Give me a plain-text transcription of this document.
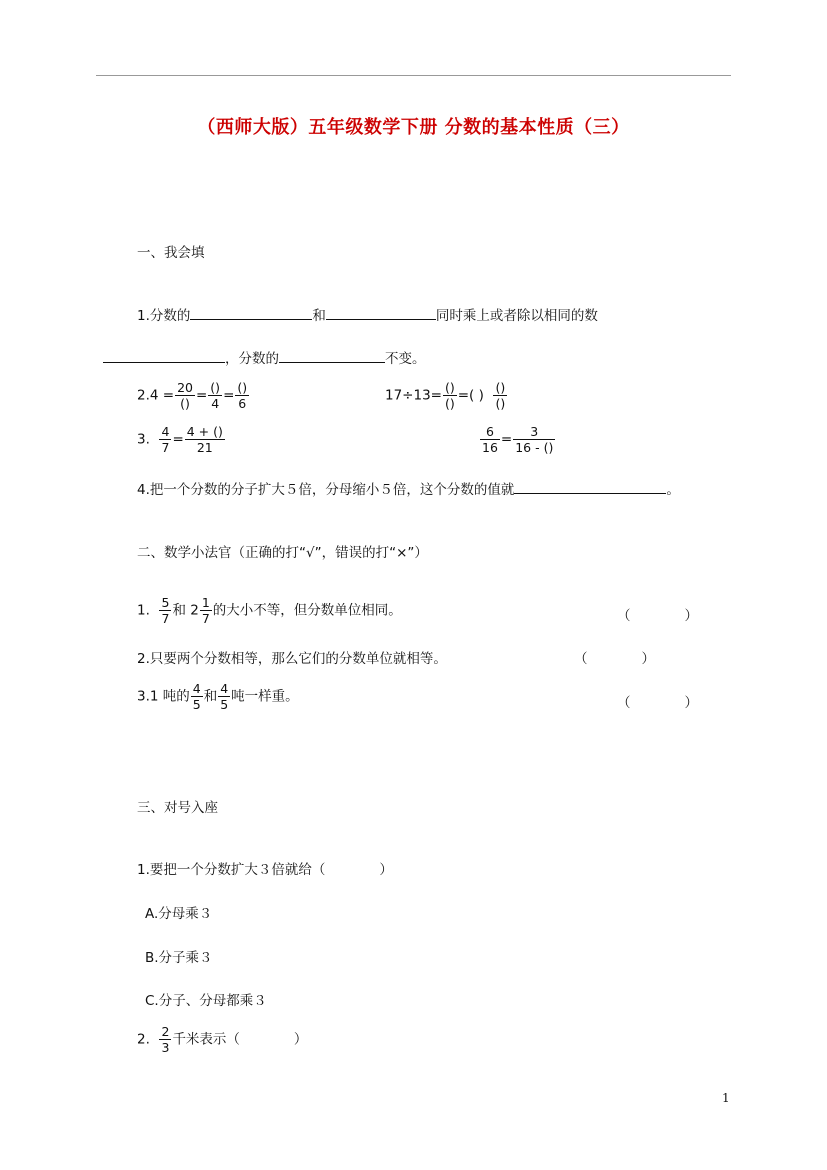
（西师大版）五年级数学下册 分数的基本性质（三）
一、我会填
1.分数的	和	同时乘上或者除以相同的数
，分数的	不变。
$2.4 = \frac{20}{()} = \frac{()}{4} = \frac{()}{6}$	$17\div 13= \frac{()}{()}$ =( ) $\frac{()}{()}$
3. $\frac{4}{7} = \frac{4 + ()}{21}$	$\frac{6}{16} = \frac{3}{16 - ()}$
4.把一个分数的分子扩大５倍，分母缩小５倍，这个分数的值就	。
二、数学小法官（正确的打“√”，错误的打“×”）
1. $\frac{5}{7}$ 和 $2 \frac{1}{7}$ 的大小不等，但分数单位相同。	（　　　　）
2.只要两个分数相等，那么它们的分数单位就相等。	（　　　　）
3.1 吨的 $\frac{4}{5}$ 和 $\frac{4}{5}$ 吨一样重。	（　　　　）
三、对号入座
1.要把一个分数扩大３倍就给（　　　　）
A.分母乘３
B.分子乘３
C.分子、分母都乘３
2. $\frac{2}{3}$ 千米表示（　　　　）
1
